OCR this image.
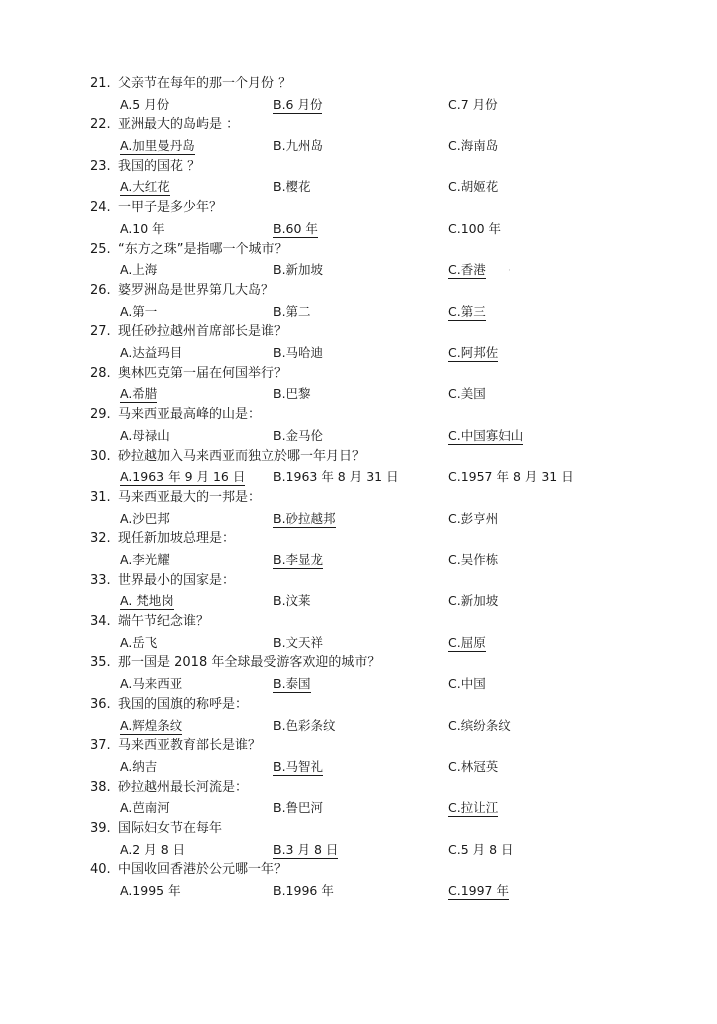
21. 父亲节在每年的那一个月份 ？
A.5 月份	B.6 月份	C.7 月份
22. 亚洲最大的岛屿是 ：
A.加里曼丹岛	B.九州岛	C.海南岛
23. 我国的国花 ？
A.大红花	B.樱花	C.胡姬花
24. 一甲子是多少年？
A.10 年	B.60 年	C.100 年
25. “东方之珠”是指哪一个城市？
A.上海	B.新加坡	C.香港
26. 婆罗洲岛是世界第几大岛？
A.第一	B.第二	C.第三
27. 现任砂拉越州首席部长是谁？
A.达益玛目	B.马哈迪	C.阿邦佐
28. 奥林匹克第一届在何国举行？
A.希腊	B.巴黎	C.美国
29. 马来西亚最高峰的山是：
A.母禄山	B.金马伦	C.中国寡妇山
30. 砂拉越加入马来西亚而独立於哪一年月日？
A.1963 年 9 月 16 日 B.1963 年 8 月 31 日	C.1957 年 8 月 31 日
31. 马来西亚最大的一邦是：
A.沙巴邦	B.砂拉越邦	C.彭亨州
32. 现任新加坡总理是：
A.李光耀	B.李显龙	C.吴作栋
33. 世界最小的国家是：
A. 梵地岗	B.汶莱	C.新加坡
34. 端午节纪念谁？
A.岳飞	B.文天祥	C.屈原
35. 那一国是 2018 年全球最受游客欢迎的城市？
A.马来西亚	B.泰国	C.中国
36. 我国的国旗的称呼是：
A.辉煌条纹	B.色彩条纹	C.缤纷条纹
37. 马来西亚教育部长是谁？
A.纳吉	B.马智礼	C.林冠英
38. 砂拉越州最长河流是：
A.芭南河	B.鲁巴河	C.拉让江
39. 国际妇女节在每年
A.2 月 8 日	B.3 月 8 日	C.5 月 8 日
40. 中国收回香港於公元哪一年？
A.1995 年	B.1996 年	C.1997 年
·
